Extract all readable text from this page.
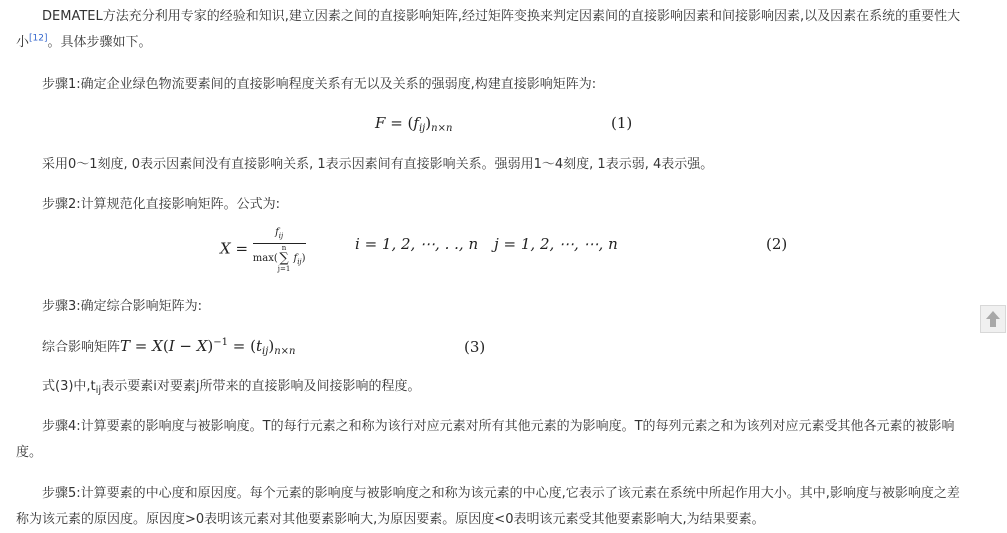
DEMATEL方法充分利用专家的经验和知识,建立因素之间的直接影响矩阵,经过矩阵变换来判定因素间的直接影响因素和间接影响因素,以及因素在系统的重要性大小[12]。具体步骤如下。

步骤1:确定企业绿色物流要素间的直接影响程度关系有无以及关系的强弱度,构建直接影响矩阵为:

$F = (f_{ij})_{n\times n}$	(1)

采用0～1刻度, 0表示因素间没有直接影响关系, 1表示因素间有直接影响关系。强弱用1～4刻度, 1表示弱, 4表示强。

步骤2:计算规范化直接影响矩阵。公式为:

$X = f_{ij}$
max(
n
∑
j=1
$f_{ij}$)	i = 1, 2, ⋯, . ., n j = 1, 2, ⋯, ⋯, n	(2)

步骤3:确定综合影响矩阵为:

综合影响矩阵$T = X(I - X)^{-1} = (t_{ij})_{n\times n}$	(3)

式(3)中$,t_{ij}$表示要素i对要素j所带来的直接影响及间接影响的程度。

步骤4:计算要素的影响度与被影响度。T的每行元素之和称为该行对应元素对所有其他元素的为影响度。T的每列元素之和为该列对应元素受其他各元素的被影响度。

步骤5:计算要素的中心度和原因度。每个元素的影响度与被影响度之和称为该元素的中心度,它表示了该元素在系统中所起作用大小。其中,影响度与被影响度之差称为该元素的原因度。原因度>0表明该元素对其他要素影响大,为原因要素。原因度<0表明该元素受其他要素影响大,为结果要素。
